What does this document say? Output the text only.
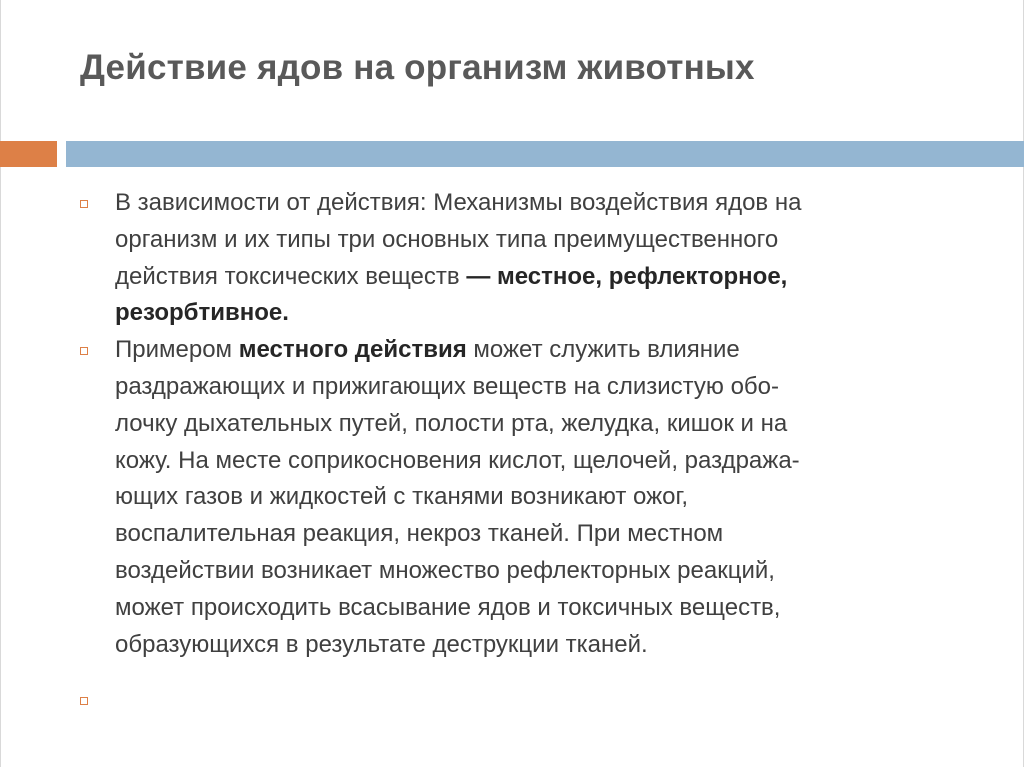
Действие ядов на организм животных
В зависимости от действия: Механизмы воздействия ядов на
организм и их типы три основных типа преимущественного
действия токсических веществ — местное, рефлекторное,
резорбтивное.
Примером местного действия может служить влияние
раздражающих и прижигающих веществ на слизистую обо-
лочку дыхательных путей, полости рта, желудка, кишок и на
кожу. На месте соприкосновения кислот, щелочей, раздража-
ющих газов и жидкостей с тканями возникают ожог,
воспалительная реакция, некроз тканей. При местном
воздействии возникает множество рефлекторных реакций,
может происходить всасывание ядов и токсичных веществ,
образующихся в результате деструкции тканей.
